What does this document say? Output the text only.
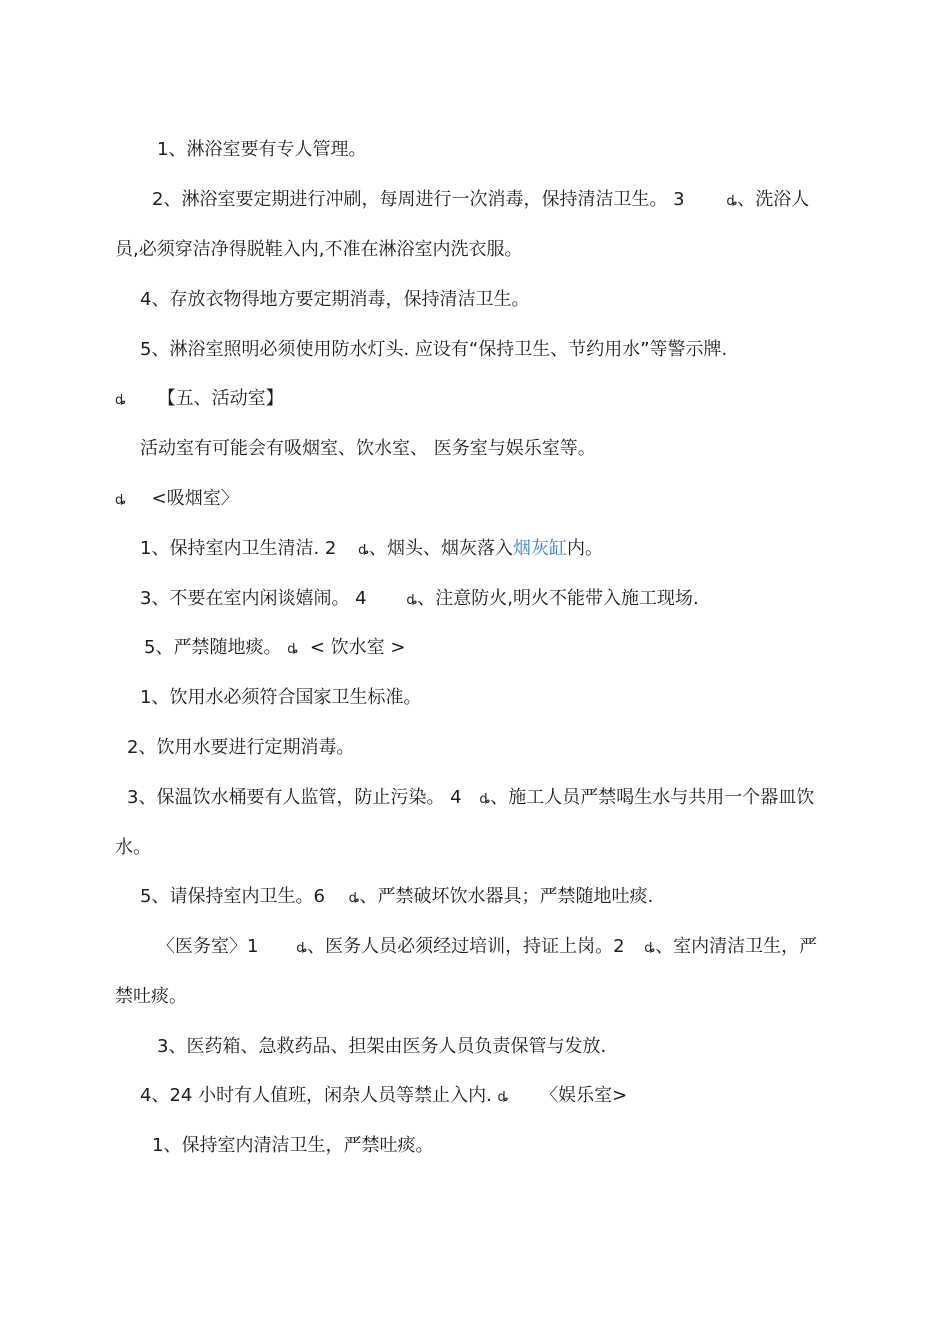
1、淋浴室要有专人管理。
2、淋浴室要定期进行冲刷，每周进行一次消毒，保持清洁卫生。 3	ȡ、洗浴人
员,必须穿洁净得脱鞋入内,不准在淋浴室内洗衣服。
4、存放衣物得地方要定期消毒，保持清洁卫生。
5、淋浴室照明必须使用防水灯头. 应设有“保持卫生、节约用水”等警示牌.
ȡ 【五、活动室】
活动室有可能会有吸烟室、饮水室、 医务室与娱乐室等。
ȡ <吸烟室〉
1、保持室内卫生清洁. 2 ȡ、烟头、烟灰落入烟灰缸内。
3、不要在室内闲谈嬉闹。 4	ȡ、注意防火,明火不能带入施工现场.
5、严禁随地痰。 ȡ < 饮水室 >
1、饮用水必须符合国家卫生标准。
2、饮用水要进行定期消毒。
3、保温饮水桶要有人监管，防止污染。 4 ȡ、施工人员严禁喝生水与共用一个器皿饮
水。
5、请保持室内卫生。6 ȡ、严禁破坏饮水器具；严禁随地吐痰.
〈医务室〉1	ȡ、医务人员必须经过培训，持证上岗。2 ȡ、室内清洁卫生，严
禁吐痰。
3、医药箱、急救药品、担架由医务人员负责保管与发放.
4、24 小时有人值班，闲杂人员等禁止入内. ȡ 〈娱乐室>
1、保持室内清洁卫生，严禁吐痰。
